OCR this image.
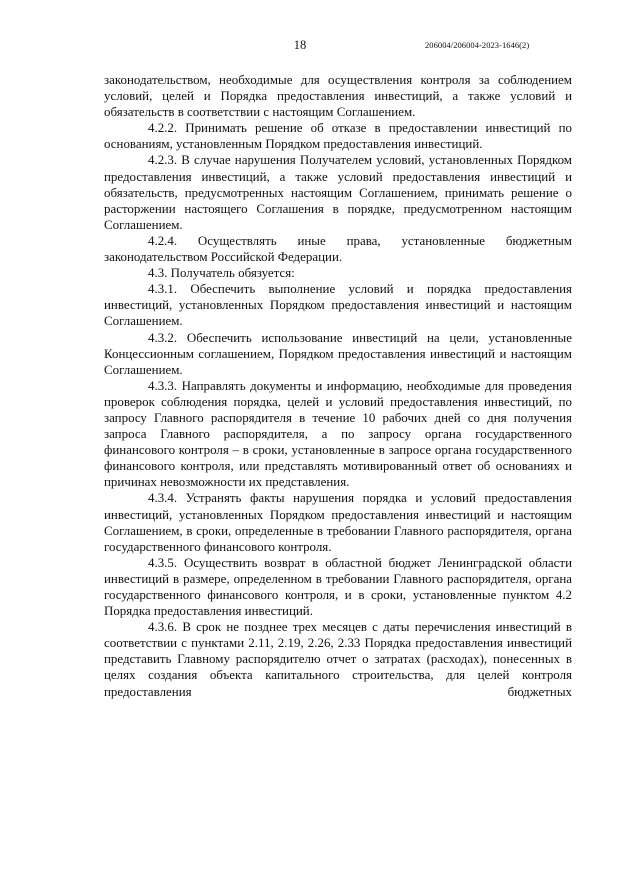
18	206004/206004-2023-1646(2)

законодательством, необходимые для осуществления контроля за соблюдением условий, целей и Порядка предоставления инвестиций, а также условий и обязательств в соответствии с настоящим Соглашением.

4.2.2. Принимать решение об отказе в предоставлении инвестиций по основаниям, установленным Порядком предоставления инвестиций.

4.2.3. В случае нарушения Получателем условий, установленных Порядком предоставления инвестиций, а также условий предоставления инвестиций и обязательств, предусмотренных настоящим Соглашением, принимать решение о расторжении настоящего Соглашения в порядке, предусмотренном настоящим Соглашением.

4.2.4. Осуществлять иные права, установленные бюджетным законодательством Российской Федерации.

4.3. Получатель обязуется:

4.3.1. Обеспечить выполнение условий и порядка предоставления инвестиций, установленных Порядком предоставления инвестиций и настоящим Соглашением.

4.3.2. Обеспечить использование инвестиций на цели, установленные Концессионным соглашением, Порядком предоставления инвестиций и настоящим Соглашением.

4.3.3. Направлять документы и информацию, необходимые для проведения проверок соблюдения порядка, целей и условий предоставления инвестиций, по запросу Главного распорядителя в течение 10 рабочих дней со дня получения запроса Главного распорядителя, а по запросу органа государственного финансового контроля – в сроки, установленные в запросе органа государственного финансового контроля, или представлять мотивированный ответ об основаниях и причинах невозможности их представления.

4.3.4. Устранять факты нарушения порядка и условий предоставления инвестиций, установленных Порядком предоставления инвестиций и настоящим Соглашением, в сроки, определенные в требовании Главного распорядителя, органа государственного финансового контроля.

4.3.5. Осуществить возврат в областной бюджет Ленинградской области инвестиций в размере, определенном в требовании Главного распорядителя, органа государственного финансового контроля, и в сроки, установленные пунктом 4.2 Порядка предоставления инвестиций.

4.3.6. В срок не позднее трех месяцев с даты перечисления инвестиций в соответствии с пунктами 2.11, 2.19, 2.26, 2.33 Порядка предоставления инвестиций представить Главному распорядителю отчет о затратах (расходах), понесенных в целях создания объекта капитального строительства, для целей контроля предоставления бюджетных
